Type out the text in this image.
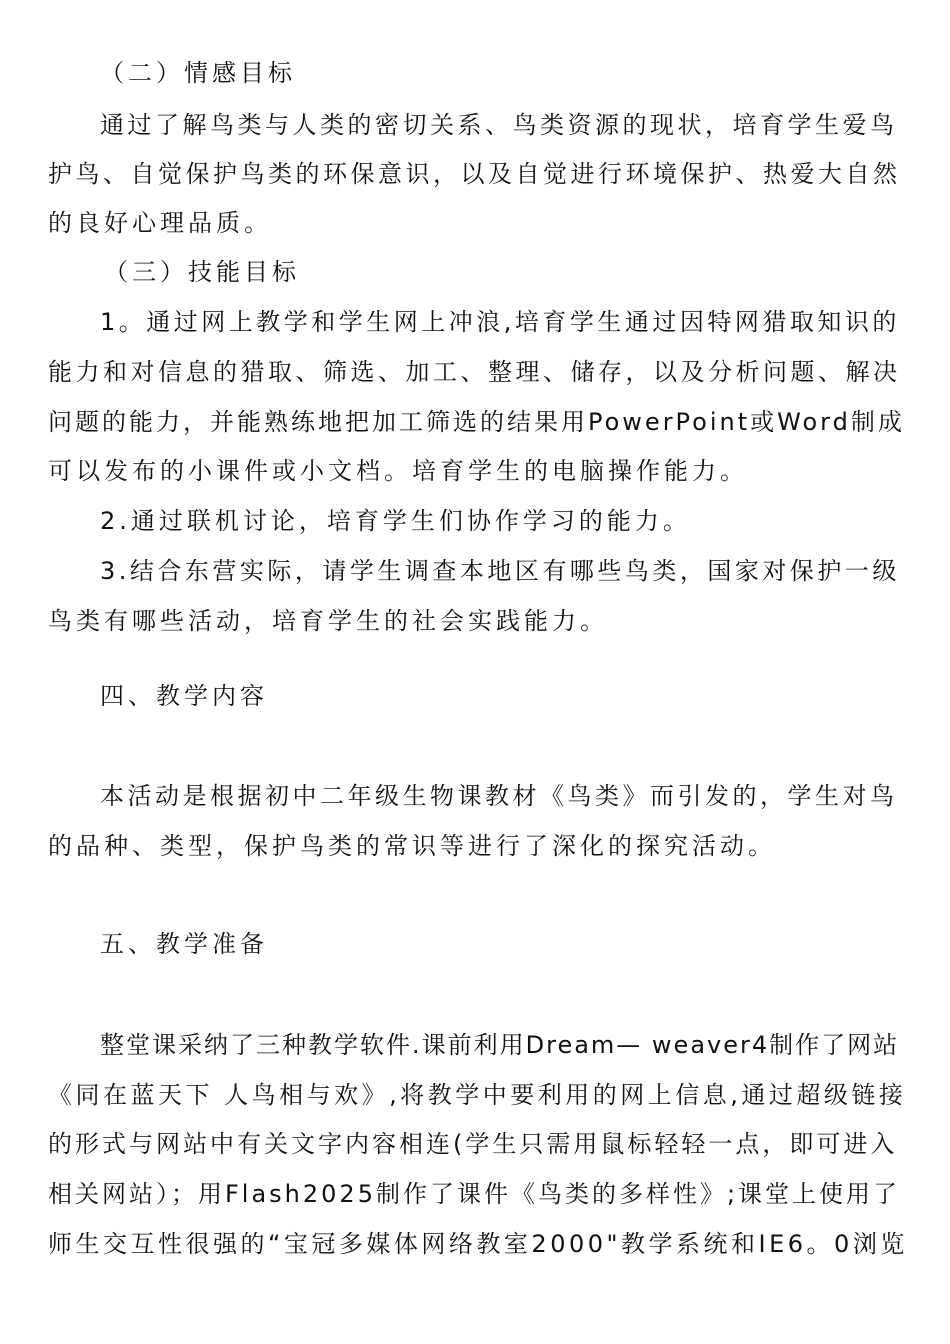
（二）情感目标
通过了解鸟类与人类的密切关系、鸟类资源的现状，培育学生爱鸟
护鸟、自觉保护鸟类的环保意识，以及自觉进行环境保护、热爱大自然
的良好心理品质。
（三）技能目标
1。通过网上教学和学生网上冲浪,培育学生通过因特网猎取知识的
能力和对信息的猎取、筛选、加工、整理、储存，以及分析问题、解决
问题的能力，并能熟练地把加工筛选的结果用PowerPoint或Word制成
可以发布的小课件或小文档。培育学生的电脑操作能力。
2.通过联机讨论，培育学生们协作学习的能力。
3.结合东营实际，请学生调查本地区有哪些鸟类，国家对保护一级
鸟类有哪些活动，培育学生的社会实践能力。
四、教学内容
本活动是根据初中二年级生物课教材《鸟类》而引发的，学生对鸟
的品种、类型，保护鸟类的常识等进行了深化的探究活动。
五、教学准备
整堂课采纳了三种教学软件.课前利用Dream— weaver4制作了网站
《同在蓝天下 人鸟相与欢》,将教学中要利用的网上信息,通过超级链接
的形式与网站中有关文字内容相连(学生只需用鼠标轻轻一点，即可进入
相关网站）；用Flash2025制作了课件《鸟类的多样性》;课堂上使用了
师生交互性很强的“宝冠多媒体网络教室2000"教学系统和IE6。0浏览
